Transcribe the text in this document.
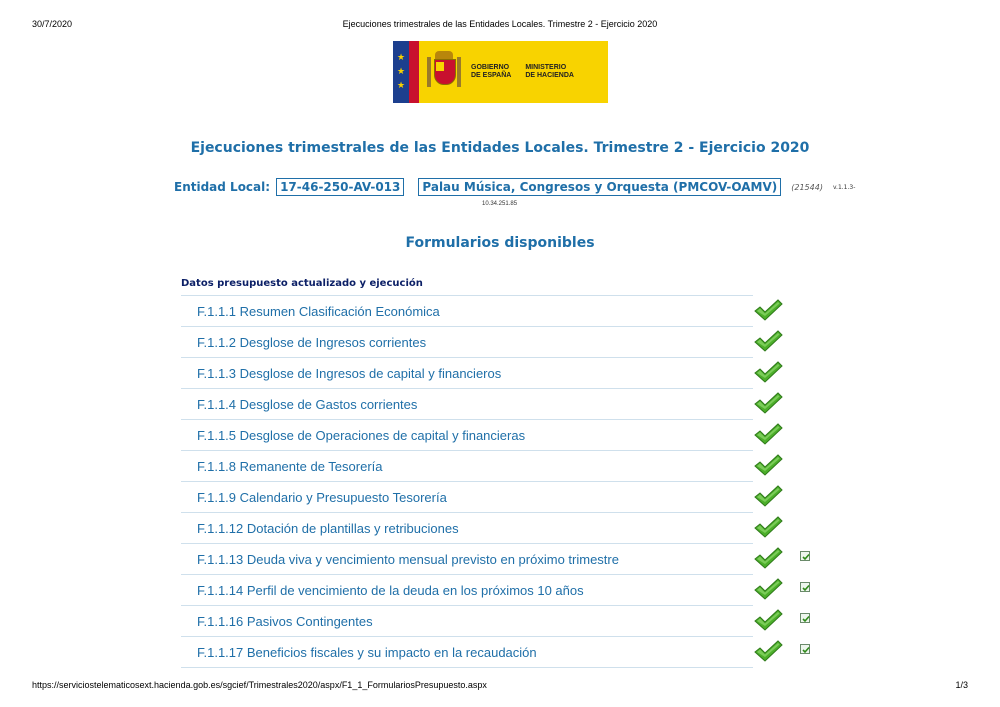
30/7/2020	Ejecuciones trimestrales de las Entidades Locales. Trimestre 2 - Ejercicio 2020
★
★
★
GOBIERNO
DE ESPAÑA
MINISTERIO
DE HACIENDA
Ejecuciones trimestrales de las Entidades Locales. Trimestre 2 - Ejercicio 2020
Entidad Local: 17-46-250-AV-013	Palau Música, Congresos y Orquesta (PMCOV-OAMV)	(21544) v.1.1.3-
10.34.251.85
Formularios disponibles
Datos presupuesto actualizado y ejecución
F.1.1.1 Resumen Clasificación Económica
F.1.1.2 Desglose de Ingresos corrientes
F.1.1.3 Desglose de Ingresos de capital y financieros
F.1.1.4 Desglose de Gastos corrientes
F.1.1.5 Desglose de Operaciones de capital y financieras
F.1.1.8 Remanente de Tesorería
F.1.1.9 Calendario y Presupuesto Tesorería
F.1.1.12 Dotación de plantillas y retribuciones
F.1.1.13 Deuda viva y vencimiento mensual previsto en próximo trimestre
F.1.1.14 Perfil de vencimiento de la deuda en los próximos 10 años
F.1.1.16 Pasivos Contingentes
F.1.1.17 Beneficios fiscales y su impacto en la recaudación
https://serviciostelematicosext.hacienda.gob.es/sgcief/Trimestrales2020/aspx/F1_1_FormulariosPresupuesto.aspx	1/3
